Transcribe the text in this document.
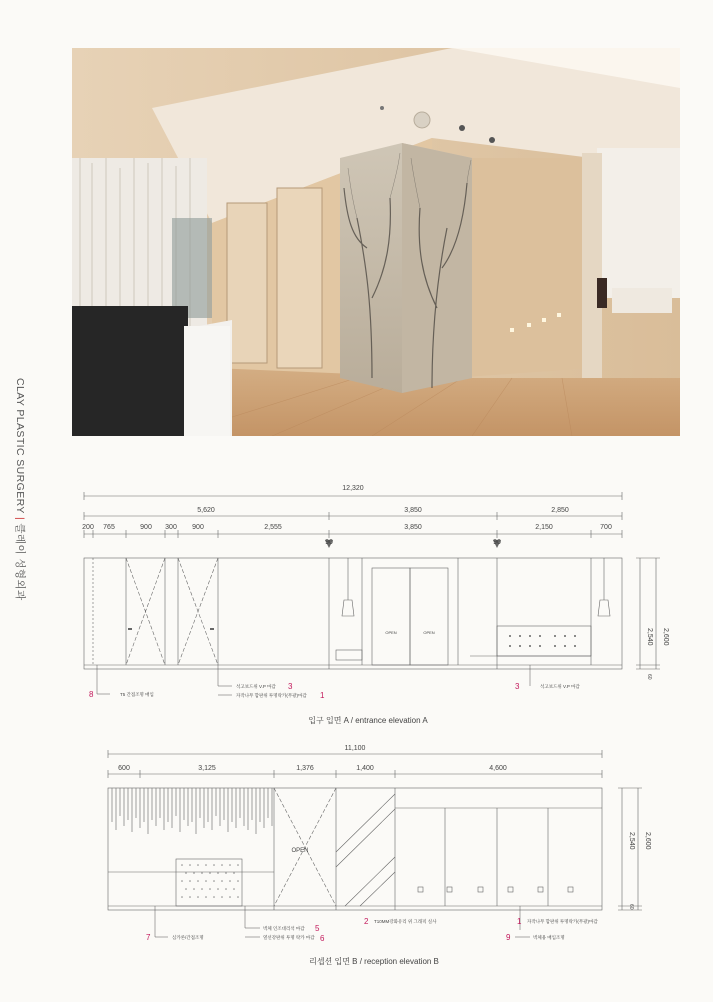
CLAY PLASTIC SURGERY | 클레이 성형외과
12,320
5,620	3,850	2,850
200 765	900 300 900	2,555	3,850	2,150	700
90	90
OPEN	OPEN	2,540 2,600
60
8
3
1
3
T5 간접조명 매입
석고보드위 V.P 마감
자작나무 합판위 투명락카(무광)마감
석고보드위 V.P 마감
입구 입면 A / entrance elevation A
11,100
600	3,125	1,376	1,400	4,600
OPEN
2,540 2,600
60
5
6
7
2	1
9
벽체 인조대리석 마감
열선강판위 투명 락카 마감
심카론/간접조명
T10MM강화유리 위 그래픽 실사	자작나무 합판위 투명락카(무광)마감
벽체용 매입조명
리셉션 입면 B / reception elevation B
